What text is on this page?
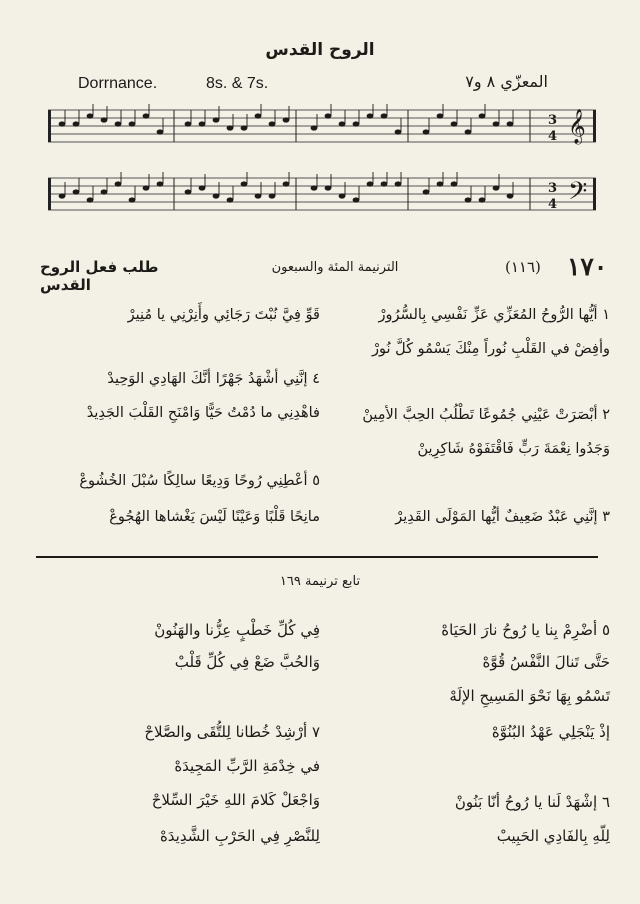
الروح القدس
Dorrnance.	8s. & 7s.	المعزّي ٨ و٧
𝄞
3
4
𝄢
3
4
١٧٠
(١١٦)
الترنيمة المئة والسبعون
طلب فعل الروح القدس
١ أيُّها الرُّوحُ المُعَزِّي عَزِّ نَفْسِي بِالسُّرُورْ
وأفِضْ في القَلْبِ نُوراً مِنْكَ يَسْمُو كُلَّ نُورْ
قَوِّ فِيَّ نُبْتَ رَجَائِي وأَنِرْنِي يا مُنِيرْ
٢ أبْصَرَتْ عَيْنِي جُمُوعًا تَطْلُبُ الحِبَّ الأمِينْ
وَجَدُوا نِعْمَةَ رَبٍّ فَاقْتَفَوْهُ شَاكِرِينْ
٤ إنَّنِي أشْهَدُ جَهْرًا أنَّكَ الهَادِي الوَحِيدْ
فاهْدِنِي ما دُمْتُ حَيًّا وَامْنَحِ القَلْبَ الجَدِيدْ
٣ إنَّنِي عَبْدٌ ضَعِيفٌ أيُّها المَوْلَى القَدِيرْ
٥ أعْطِنِي رُوحًا وَدِيعًا سالِكًا سُبْلَ الخُشُوعْ
مانِحًا قَلْبًا وَعَيْنًا لَيْسَ يَغْشاها الهُجُوعْ
تابع ترنيمة ١٦٩
٥ أضْرِمْ بِنا يا رُوحُ نارَ الحَيَاهْ
حَتَّى تَنالَ النَّفْسُ قُوَّهْ
تَسْمُو بِهَا نَحْوَ المَسِيحِ الإلَهْ
إذْ يَنْجَلِي عَهْدُ البُنُوَّهْ
٦ إشْهَدْ لَنا يا رُوحُ أنّا بَنُونْ
لِلّهِ بِالفَادِي الحَبِيبْ
فِي كُلِّ خَطْبٍ عِزُّنا والهَنُونْ
وَالحُبَّ ضَعْ فِي كُلِّ قَلْبْ
٧ أرْشِدْ خُطانا لِلتُّقَى والصَّلاحْ
في خِدْمَةِ الرَّبِّ المَجِيدَهْ
وَاجْعَلْ كَلامَ اللهِ خَيْرَ السِّلاحْ
لِلنَّصْرِ فِي الحَرْبِ الشَّدِيدَهْ
